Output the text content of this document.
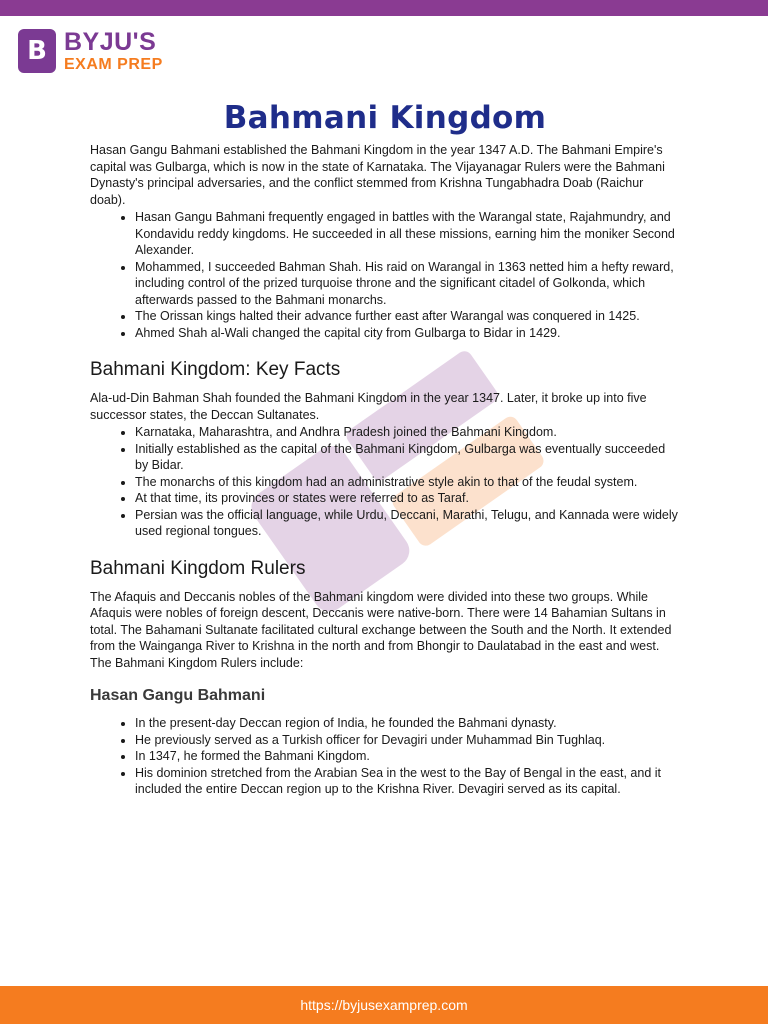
B BYJU'S
EXAM PREP
Bahmani Kingdom

Hasan Gangu Bahmani established the Bahmani Kingdom in the year 1347 A.D. The Bahmani Empire's capital was Gulbarga, which is now in the state of Karnataka. The Vijayanagar Rulers were the Bahmani Dynasty's principal adversaries, and the conflict stemmed from Krishna Tungabhadra Doab (Raichur doab).

• Hasan Gangu Bahmani frequently engaged in battles with the Warangal state, Rajahmundry, and Kondavidu reddy kingdoms. He succeeded in all these missions, earning him the moniker Second Alexander.
• Mohammed, I succeeded Bahman Shah. His raid on Warangal in 1363 netted him a hefty reward, including control of the prized turquoise throne and the significant citadel of Golkonda, which afterwards passed to the Bahmani monarchs.
• The Orissan kings halted their advance further east after Warangal was conquered in 1425.
• Ahmed Shah al-Wali changed the capital city from Gulbarga to Bidar in 1429.
Bahmani Kingdom: Key Facts

Ala-ud-Din Bahman Shah founded the Bahmani Kingdom in the year 1347. Later, it broke up into five successor states, the Deccan Sultanates.

• Karnataka, Maharashtra, and Andhra Pradesh joined the Bahmani Kingdom.
• Initially established as the capital of the Bahmani Kingdom, Gulbarga was eventually succeeded by Bidar.
• The monarchs of this kingdom had an administrative style akin to that of the feudal system.
• At that time, its provinces or states were referred to as Taraf.
• Persian was the official language, while Urdu, Deccani, Marathi, Telugu, and Kannada were widely used regional tongues.
Bahmani Kingdom Rulers

The Afaquis and Deccanis nobles of the Bahmani kingdom were divided into these two groups. While Afaquis were nobles of foreign descent, Deccanis were native-born. There were 14 Bahamian Sultans in total. The Bahamani Sultanate facilitated cultural exchange between the South and the North. It extended from the Wainganga River to Krishna in the north and from Bhongir to Daulatabad in the east and west.

The Bahmani Kingdom Rulers include:

Hasan Gangu Bahmani
• In the present-day Deccan region of India, he founded the Bahmani dynasty.
• He previously served as a Turkish officer for Devagiri under Muhammad Bin Tughlaq.
• In 1347, he formed the Bahmani Kingdom.
• His dominion stretched from the Arabian Sea in the west to the Bay of Bengal in the east, and it included the entire Deccan region up to the Krishna River. Devagiri served as its capital.
https://byjusexamprep.com
